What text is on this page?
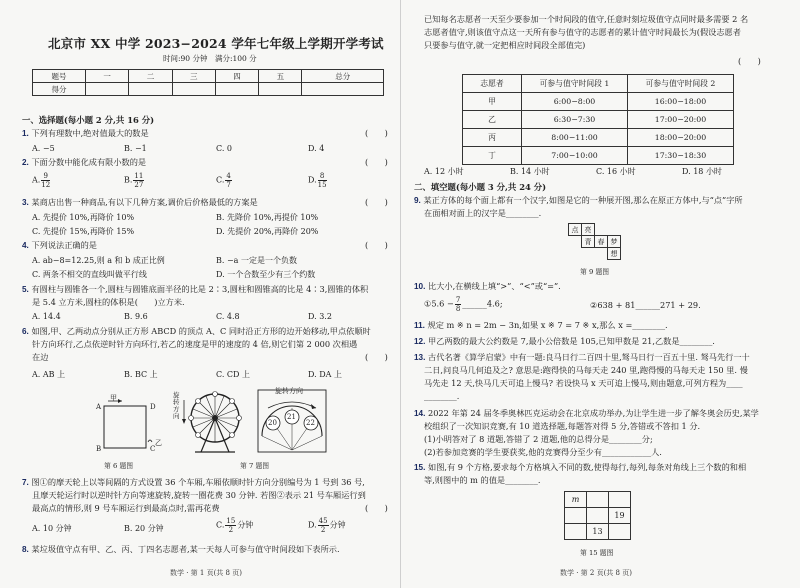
北京市 XX 中学 2023−2024 学年七年级上学期开学考试
时间:90 分钟　满分:100 分
题号	一	二	三	四	五	总分
得分						
一、选择题(每小题 2 分,共 16 分)
1. 下列有理数中,绝对值最大的数是	(　　)
A. −5	B. −1	C. 0	D. 4
2. 下面分数中能化成有限小数的是	(　　)
A. $\frac{9}{12}$	B. $\frac{11}{27}$	C. $\frac{4}{7}$	D. $\frac{8}{15}$
3. 某商店出售一种商品,有以下几种方案,调价后价格最低的方案是	(　　)
A. 先提价 10%,再降价 10%	B. 先降价 10%,再提价 10%
C. 先提价 15%,再降价 15%	D. 先提价 20%,再降价 20%
4. 下列说法正确的是	(　　)
A. ab−8=12.25,则 a 和 b 成正比例	B. −a 一定是一个负数
C. 两条不相交的直线叫做平行线	D. 一个合数至少有三个约数
5. 有圆柱与圆锥各一个,圆柱与圆锥底面半径的比是 2∶3,圆柱和圆锥高的比是 4∶3,圆锥的体积
是 5.4 立方米,圆柱的体积是(　　)立方米.
A. 14.4	B. 9.6	C. 4.8	D. 3.2
6. 如图,甲、乙两动点分别从正方形 ABCD 的顶点 A、C 同时沿正方形的边开始移动,甲点依顺时
针方向环行,乙点依逆时针方向环行,若乙的速度是甲的速度的 4 倍,则它们第 2 000 次相遇
在边	(　　)
A. AB 上	B. BC 上	C. CD 上	D. DA 上
A	D
B	C
甲
乙
第 6 题图
旋转方向
旋转方向
20
21
22
第 7 题图
7. 图①的摩天轮上以等间隔的方式设置 36 个车厢,车厢依顺时针方向分别编号为 1 号到 36 号,
且摩天轮运行时以逆时针方向等速旋转,旋转一圈花费 30 分钟. 若图②表示 21 号车厢运行到
最高点的情形,则 9 号车厢运行到最高点时,需再花费	(　　)
A. 10 分钟	B. 20 分钟	C. $\frac{15}{2}$ 分钟	D. $\frac{45}{2}$ 分钟
8. 某垃圾值守点有甲、乙、丙、丁四名志愿者,某一天每人可参与值守时间段如下表所示.
数学 · 第 1 页(共 8 页)
已知每名志愿者一天至少要参加一个时间段的值守,任意时刻垃圾值守点同时最多需要 2 名
志愿者值守,则该值守点这一天所有参与值守的志愿者的累计值守时间最长为(假设志愿者
只要参与值守,就一定把相应时间段全部值完)
(　　)
志愿者	可参与值守时间段 1	可参与值守时间段 2
甲	6:00−8:00	16:00−18:00
乙	6:30−7:30	17:00−20:00
丙	8:00−11:00	18:00−20:00
丁	7:00−10:00	17:30−18:30
A. 12 小时	B. 14 小时	C. 16 小时	D. 18 小时
二、填空题(每小题 3 分,共 24 分)
9. 某正方体的每个面上都有一个汉字,如图是它的一种展开图,那么在原正方体中,与“点”字所
在面相对面上的汉字是________.
点	亮		
	青	春	梦
			想
第 9 题图
10. 比大小,在横线上填“>”、“<”或“=”.
①5.6 − $\frac{7}{8}$ ______4.6;	②638 + 81______271 + 29.
11. 规定 m ※ n = 2m − 3n,如果 x ※ 7 = 7 ※ x,那么 x =________.
12. 甲乙两数的最大公约数是 7,最小公倍数是 105,已知甲数是 21,乙数是________.
13. 古代名著《算学启蒙》中有一题:良马日行二百四十里,驽马日行一百五十里. 驽马先行一十
二日,问良马几何追及之? 意思是:跑得快的马每天走 240 里,跑得慢的马每天走 150 里. 慢
马先走 12 天,快马几天可追上慢马? 若设快马 x 天可追上慢马,则由题意,可列方程为____
________.
14. 2022 年第 24 届冬季奥林匹克运动会在北京成功举办,为让学生进一步了解冬奥会历史,某学
校组织了一次知识竞赛,有 10 道选择题,每题答对得 5 分,答错或不答扣 1 分.
(1)小明答对了 8 道题,答错了 2 道题,他的总得分是________分;
(2)若参加竞赛的学生要获奖,他的竞赛得分至少有____________人.
15. 如图,有 9 个方格,要求每个方格填入不同的数,使得每行,每列,每条对角线上三个数的和相
等,则图中的 m 的值是________.
m		
		19
	13	
第 15 题图
数学 · 第 2 页(共 8 页)
